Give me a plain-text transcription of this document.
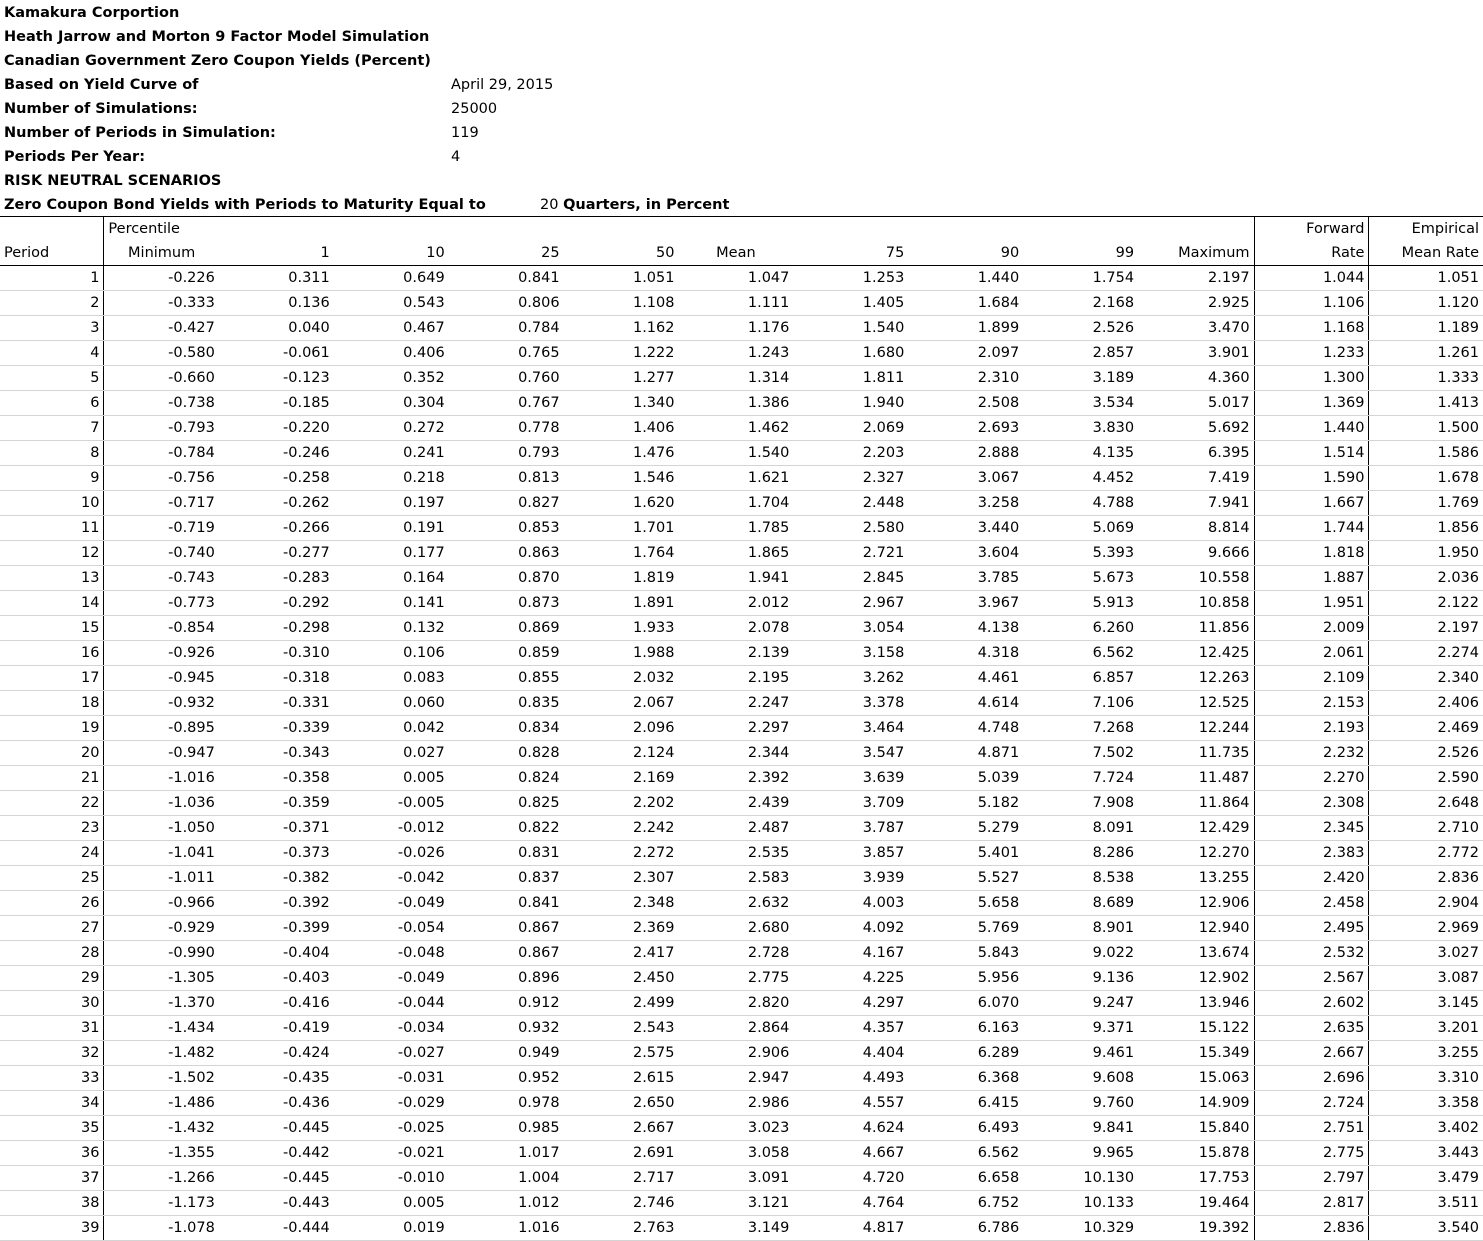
Kamakura Corportion
Heath Jarrow and Morton 9 Factor Model Simulation
Canadian Government Zero Coupon Yields (Percent)
Based on Yield Curve of	April 29, 2015
Number of Simulations:	25000
Number of Periods in Simulation:	119
Periods Per Year:	4
RISK NEUTRAL SCENARIOS
Zero Coupon Bond Yields with Periods to Maturity Equal to	20 Quarters, in Percent
	Percentile										Forward	Empirical
Period	Minimum	1	10	25	50	Mean	75	90	99	Maximum	Rate	Mean Rate
1	-0.226	0.311	0.649	0.841	1.051	1.047	1.253	1.440	1.754	2.197	1.044	1.051
2	-0.333	0.136	0.543	0.806	1.108	1.111	1.405	1.684	2.168	2.925	1.106	1.120
3	-0.427	0.040	0.467	0.784	1.162	1.176	1.540	1.899	2.526	3.470	1.168	1.189
4	-0.580	-0.061	0.406	0.765	1.222	1.243	1.680	2.097	2.857	3.901	1.233	1.261
5	-0.660	-0.123	0.352	0.760	1.277	1.314	1.811	2.310	3.189	4.360	1.300	1.333
6	-0.738	-0.185	0.304	0.767	1.340	1.386	1.940	2.508	3.534	5.017	1.369	1.413
7	-0.793	-0.220	0.272	0.778	1.406	1.462	2.069	2.693	3.830	5.692	1.440	1.500
8	-0.784	-0.246	0.241	0.793	1.476	1.540	2.203	2.888	4.135	6.395	1.514	1.586
9	-0.756	-0.258	0.218	0.813	1.546	1.621	2.327	3.067	4.452	7.419	1.590	1.678
10	-0.717	-0.262	0.197	0.827	1.620	1.704	2.448	3.258	4.788	7.941	1.667	1.769
11	-0.719	-0.266	0.191	0.853	1.701	1.785	2.580	3.440	5.069	8.814	1.744	1.856
12	-0.740	-0.277	0.177	0.863	1.764	1.865	2.721	3.604	5.393	9.666	1.818	1.950
13	-0.743	-0.283	0.164	0.870	1.819	1.941	2.845	3.785	5.673	10.558	1.887	2.036
14	-0.773	-0.292	0.141	0.873	1.891	2.012	2.967	3.967	5.913	10.858	1.951	2.122
15	-0.854	-0.298	0.132	0.869	1.933	2.078	3.054	4.138	6.260	11.856	2.009	2.197
16	-0.926	-0.310	0.106	0.859	1.988	2.139	3.158	4.318	6.562	12.425	2.061	2.274
17	-0.945	-0.318	0.083	0.855	2.032	2.195	3.262	4.461	6.857	12.263	2.109	2.340
18	-0.932	-0.331	0.060	0.835	2.067	2.247	3.378	4.614	7.106	12.525	2.153	2.406
19	-0.895	-0.339	0.042	0.834	2.096	2.297	3.464	4.748	7.268	12.244	2.193	2.469
20	-0.947	-0.343	0.027	0.828	2.124	2.344	3.547	4.871	7.502	11.735	2.232	2.526
21	-1.016	-0.358	0.005	0.824	2.169	2.392	3.639	5.039	7.724	11.487	2.270	2.590
22	-1.036	-0.359	-0.005	0.825	2.202	2.439	3.709	5.182	7.908	11.864	2.308	2.648
23	-1.050	-0.371	-0.012	0.822	2.242	2.487	3.787	5.279	8.091	12.429	2.345	2.710
24	-1.041	-0.373	-0.026	0.831	2.272	2.535	3.857	5.401	8.286	12.270	2.383	2.772
25	-1.011	-0.382	-0.042	0.837	2.307	2.583	3.939	5.527	8.538	13.255	2.420	2.836
26	-0.966	-0.392	-0.049	0.841	2.348	2.632	4.003	5.658	8.689	12.906	2.458	2.904
27	-0.929	-0.399	-0.054	0.867	2.369	2.680	4.092	5.769	8.901	12.940	2.495	2.969
28	-0.990	-0.404	-0.048	0.867	2.417	2.728	4.167	5.843	9.022	13.674	2.532	3.027
29	-1.305	-0.403	-0.049	0.896	2.450	2.775	4.225	5.956	9.136	12.902	2.567	3.087
30	-1.370	-0.416	-0.044	0.912	2.499	2.820	4.297	6.070	9.247	13.946	2.602	3.145
31	-1.434	-0.419	-0.034	0.932	2.543	2.864	4.357	6.163	9.371	15.122	2.635	3.201
32	-1.482	-0.424	-0.027	0.949	2.575	2.906	4.404	6.289	9.461	15.349	2.667	3.255
33	-1.502	-0.435	-0.031	0.952	2.615	2.947	4.493	6.368	9.608	15.063	2.696	3.310
34	-1.486	-0.436	-0.029	0.978	2.650	2.986	4.557	6.415	9.760	14.909	2.724	3.358
35	-1.432	-0.445	-0.025	0.985	2.667	3.023	4.624	6.493	9.841	15.840	2.751	3.402
36	-1.355	-0.442	-0.021	1.017	2.691	3.058	4.667	6.562	9.965	15.878	2.775	3.443
37	-1.266	-0.445	-0.010	1.004	2.717	3.091	4.720	6.658	10.130	17.753	2.797	3.479
38	-1.173	-0.443	0.005	1.012	2.746	3.121	4.764	6.752	10.133	19.464	2.817	3.511
39	-1.078	-0.444	0.019	1.016	2.763	3.149	4.817	6.786	10.329	19.392	2.836	3.540
